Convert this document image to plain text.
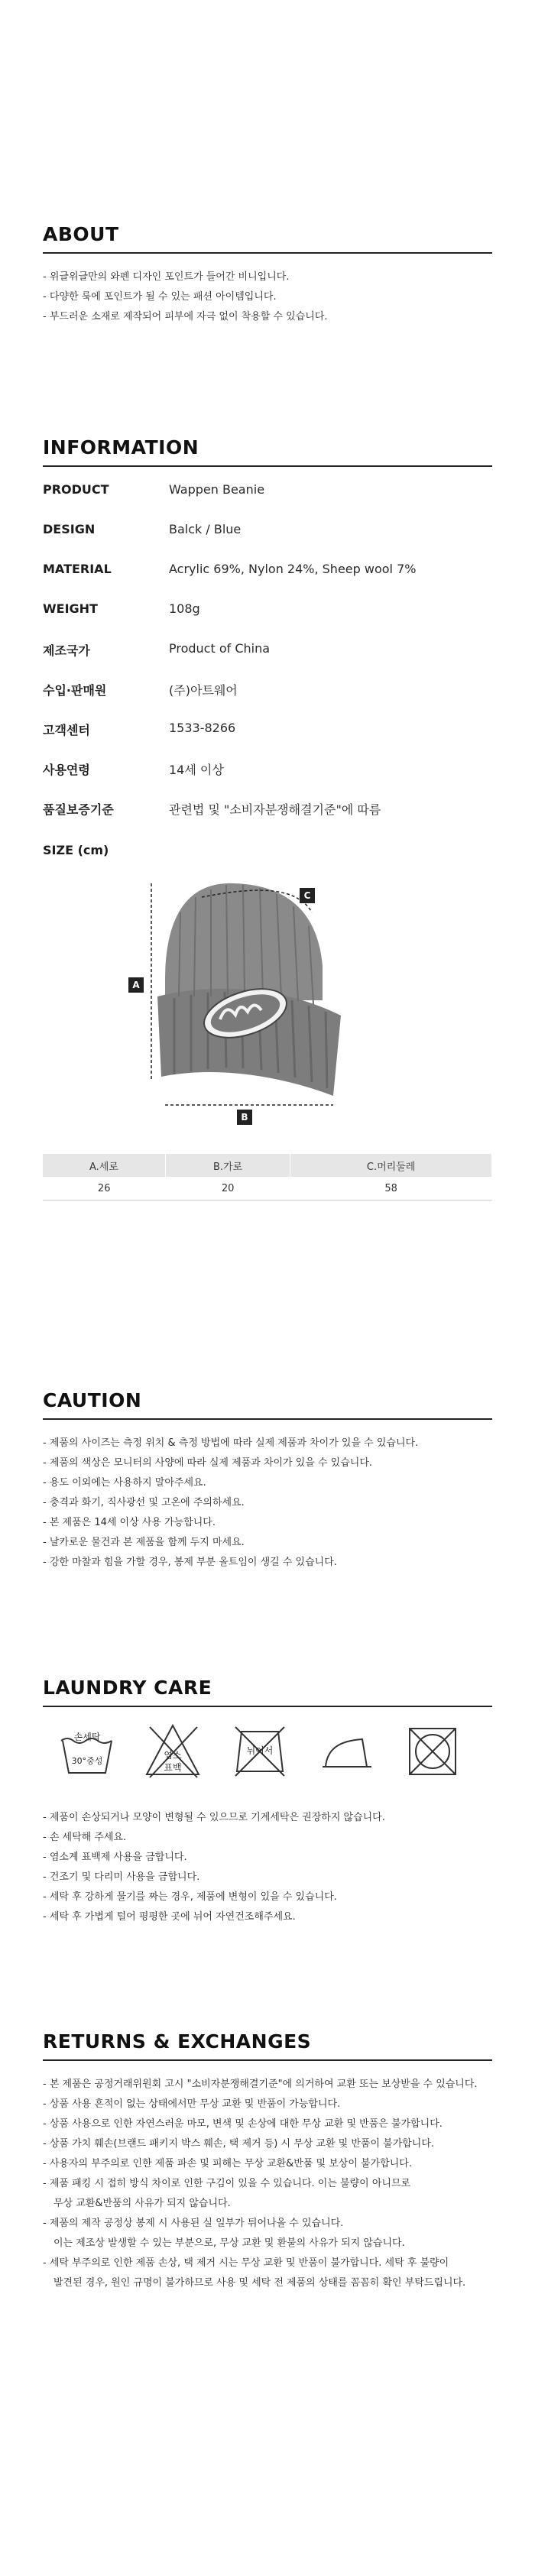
ABOUT
- 위글위글만의 와펜 디자인 포인트가 들어간 비니입니다.
- 다양한 룩에 포인트가 될 수 있는 패션 아이템입니다.
- 부드러운 소재로 제작되어 피부에 자극 없이 착용할 수 있습니다.
INFORMATION
PRODUCT	Wappen Beanie
DESIGN	Balck / Blue
MATERIAL	Acrylic 69%, Nylon 24%, Sheep wool 7%
WEIGHT	108g
제조국가	Product of China
수입·판매원	(주)아트웨어
고객센터	1533-8266
사용연령	14세 이상
품질보증기준	관련법 및 "소비자분쟁해결기준"에 따름
SIZE (cm)
A
B
C
A.세로	B.가로	C.머리둘레
26	20	58
CAUTION
- 제품의 사이즈는 측정 위치 & 측정 방법에 따라 실제 제품과 차이가 있을 수 있습니다.
- 제품의 색상은 모니터의 사양에 따라 실제 제품과 차이가 있을 수 있습니다.
- 용도 이외에는 사용하지 말아주세요.
- 충격과 화기, 직사광선 및 고온에 주의하세요.
- 본 제품은 14세 이상 사용 가능합니다.
- 날카로운 물건과 본 제품을 함께 두지 마세요.
- 강한 마찰과 힘을 가할 경우, 봉제 부분 올트임이 생길 수 있습니다.
LAUNDRY CARE
손세탁
30°중성
염소
표백
뉘어서
- 제품이 손상되거나 모양이 변형될 수 있으므로 기계세탁은 권장하지 않습니다.
- 손 세탁해 주세요.
- 염소계 표백제 사용을 금합니다.
- 건조기 및 다리미 사용을 금합니다.
- 세탁 후 강하게 물기를 짜는 경우, 제품에 변형이 있을 수 있습니다.
- 세탁 후 가볍게 털어 평평한 곳에 뉘어 자연건조해주세요.
RETURNS & EXCHANGES
- 본 제품은 공정거래위원회 고시 "소비자분쟁해결기준"에 의거하여 교환 또는 보상받을 수 있습니다.
- 상품 사용 흔적이 없는 상태에서만 무상 교환 및 반품이 가능합니다.
- 상품 사용으로 인한 자연스러운 마모, 변색 및 손상에 대한 무상 교환 및 반품은 불가합니다.
- 상품 가치 훼손(브랜드 패키지 박스 훼손, 택 제거 등) 시 무상 교환 및 반품이 불가합니다.
- 사용자의 부주의로 인한 제품 파손 및 피해는 무상 교환&반품 및 보상이 불가합니다.
- 제품 패킹 시 접히 방식 차이로 인한 구김이 있을 수 있습니다. 이는 불량이 아니므로
무상 교환&반품의 사유가 되지 않습니다.
- 제품의 제작 공정상 봉제 시 사용된 실 일부가 튀어나올 수 있습니다.
이는 제조상 발생할 수 있는 부분으로, 무상 교환 및 환불의 사유가 되지 않습니다.
- 세탁 부주의로 인한 제품 손상, 택 제거 시는 무상 교환 및 반품이 불가합니다. 세탁 후 불량이
발견된 경우, 원인 규명이 불가하므로 사용 및 세탁 전 제품의 상태를 꼼꼼히 확인 부탁드립니다.
